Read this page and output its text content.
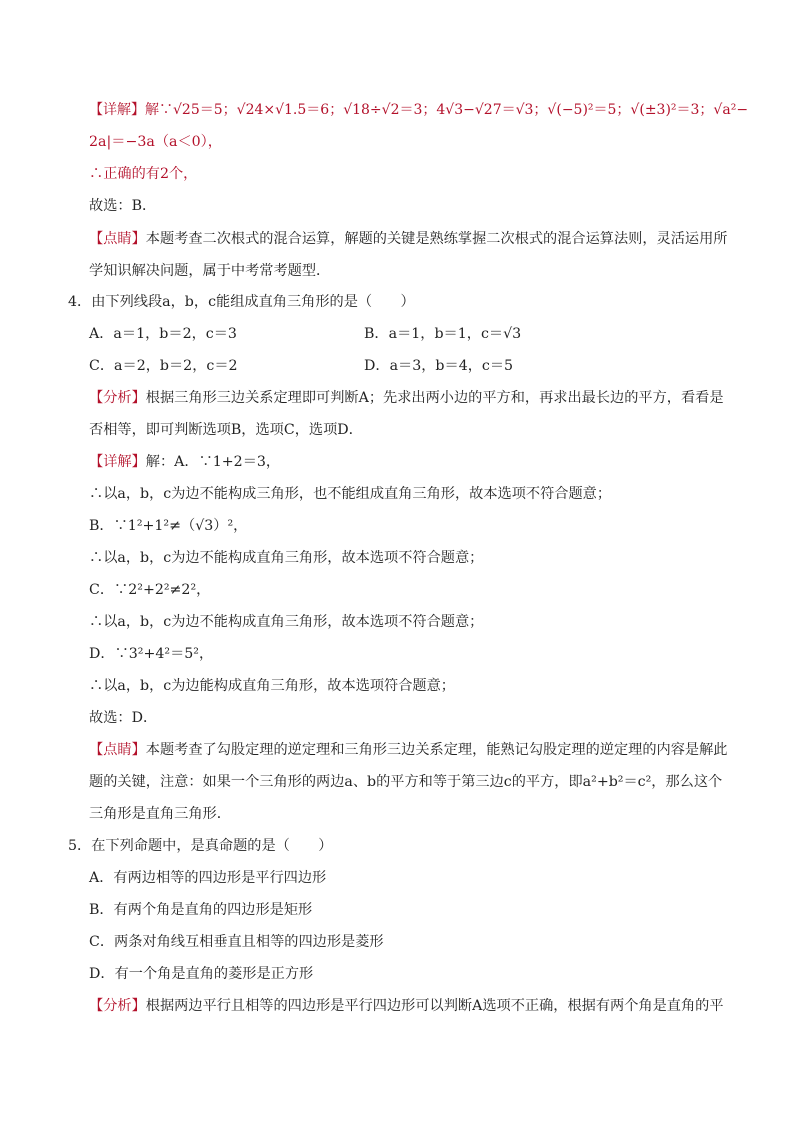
【详解】解∵√25＝5；√24×√1.5＝6；√18÷√2＝3；4√3−√27＝√3；√(−5)²＝5；√(±3)²＝3；√a²−
2a|＝−3a（a＜0），
∴正确的有2个，
故选：B．
【点睛】本题考查二次根式的混合运算，解题的关键是熟练掌握二次根式的混合运算法则，灵活运用所
学知识解决问题，属于中考常考题型．
4．由下列线段a，b，c能组成直角三角形的是（　　）
A．a＝1，b＝2，c＝3	B．a＝1，b＝1，c＝√3
C．a＝2，b＝2，c＝2	D．a＝3，b＝4，c＝5
【分析】根据三角形三边关系定理即可判断A；先求出两小边的平方和，再求出最长边的平方，看看是
否相等，即可判断选项B，选项C，选项D．
【详解】解：A．∵1+2＝3，
∴以a，b，c为边不能构成三角形，也不能组成直角三角形，故本选项不符合题意；
B．∵1²+1²≠（√3）²，
∴以a，b，c为边不能构成直角三角形，故本选项不符合题意；
C．∵2²+2²≠2²，
∴以a，b，c为边不能构成直角三角形，故本选项不符合题意；
D．∵3²+4²＝5²，
∴以a，b，c为边能构成直角三角形，故本选项符合题意；
故选：D．
【点睛】本题考查了勾股定理的逆定理和三角形三边关系定理，能熟记勾股定理的逆定理的内容是解此
题的关键，注意：如果一个三角形的两边a、b的平方和等于第三边c的平方，即a²+b²＝c²，那么这个
三角形是直角三角形．
5．在下列命题中，是真命题的是（　　）
A．有两边相等的四边形是平行四边形
B．有两个角是直角的四边形是矩形
C．两条对角线互相垂直且相等的四边形是菱形
D．有一个角是直角的菱形是正方形
【分析】根据两边平行且相等的四边形是平行四边形可以判断A选项不正确，根据有两个角是直角的平
